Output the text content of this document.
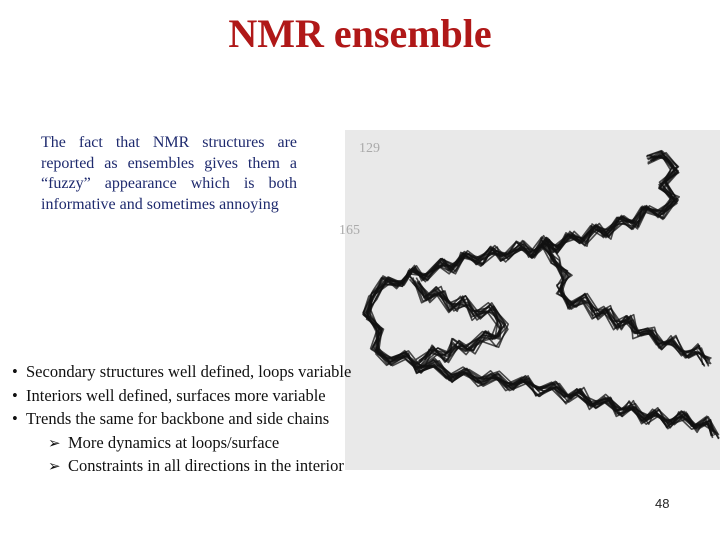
NMR ensemble
The fact that NMR structures are reported as ensembles gives them a “fuzzy” appearance which is both informative and sometimes annoying
129
165
• Secondary structures well defined, loops variable
• Interiors well defined, surfaces more variable
• Trends the same for backbone and side chains
➢ More dynamics at loops/surface
➢ Constraints in all directions in the interior
48
